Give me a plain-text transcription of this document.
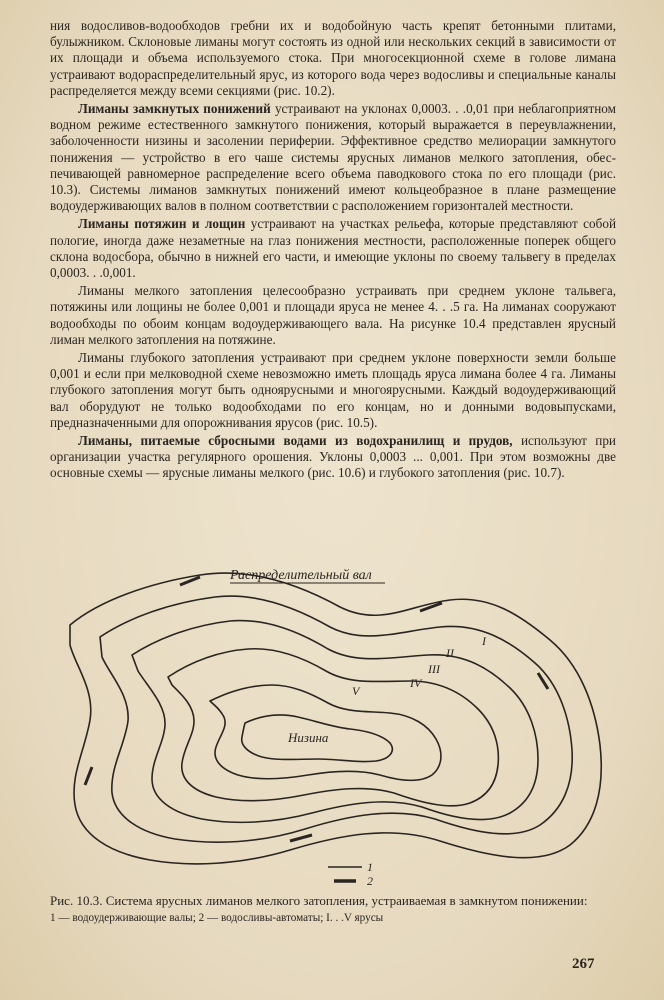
ния водосливов-водообходов гребни их и водобойную часть крепят бетонными плитами, булыжником. Склоновые лиманы могут состоять из одной или нескольких секций в зависимости от их площади и объема используемого стока. При многосекционной схеме в голове лимана устраивают водораспределительный ярус, из которого вода через водосливы и специальные каналы распределяется между всеми секциями (рис. 10.2).

Лиманы замкнутых понижений устраивают на уклонах 0,0003. . .0,01 при неблагоприятном водном режиме естественного замкнутого понижения, который выражается в переувлажнении, заболоченности низины и засолении периферии. Эффективное средство мелиорации замкнутого понижения — устройство в его чаше системы ярусных лиманов мелкого затопления, обеспечивающей равномерное распределение всего объема паводкового стока по его площади (рис. 10.3). Системы лиманов замкнутых понижений имеют кольцеобразное в плане размещение водоудерживающих валов в полном соответствии с расположением горизонталей местности.

Лиманы потяжин и лощин устраивают на участках рельефа, которые представляют собой пологие, иногда даже незаметные на глаз понижения местности, расположенные поперек общего склона водосбора, обычно в нижней его части, и имеющие уклоны по своему тальвегу в пределах 0,0003. . .0,001.

Лиманы мелкого затопления целесообразно устраивать при среднем уклоне тальвега, потяжины или лощины не более 0,001 и площади яруса не менее 4. . .5 га. На лиманах сооружают водообходы по обоим концам водоудерживающего вала. На рисунке 10.4 представлен ярусный лиман мелкого затопления на потяжине.

Лиманы глубокого затопления устраивают при среднем уклоне поверхности земли больше 0,001 и если при мелководной схеме невозможно иметь площадь яруса лимана более 4 га. Лиманы глубокого затопления могут быть одноярусными и многоярусными. Каждый водоудерживающий вал оборудуют не только водообходами по его концам, но и донными водовыпусками, предназначенными для опорожнивания ярусов (рис. 10.5).

Лиманы, питаемые сбросными водами из водохранилищ и прудов, используют при организации участка регулярного орошения. Уклоны 0,0003 ... 0,001. При этом возможны две основные схемы — ярусные лиманы мелкого (рис. 10.6) и глубокого затопления (рис. 10.7).

Распределительный вал
Низина
I
II
III
IV
V
1
2
Рис. 10.3. Система ярусных лиманов мелкого затопления, устраиваемая в замкнутом понижении:
1 — водоудерживающие валы; 2 — водосливы-автоматы; I. . .V ярусы
267
